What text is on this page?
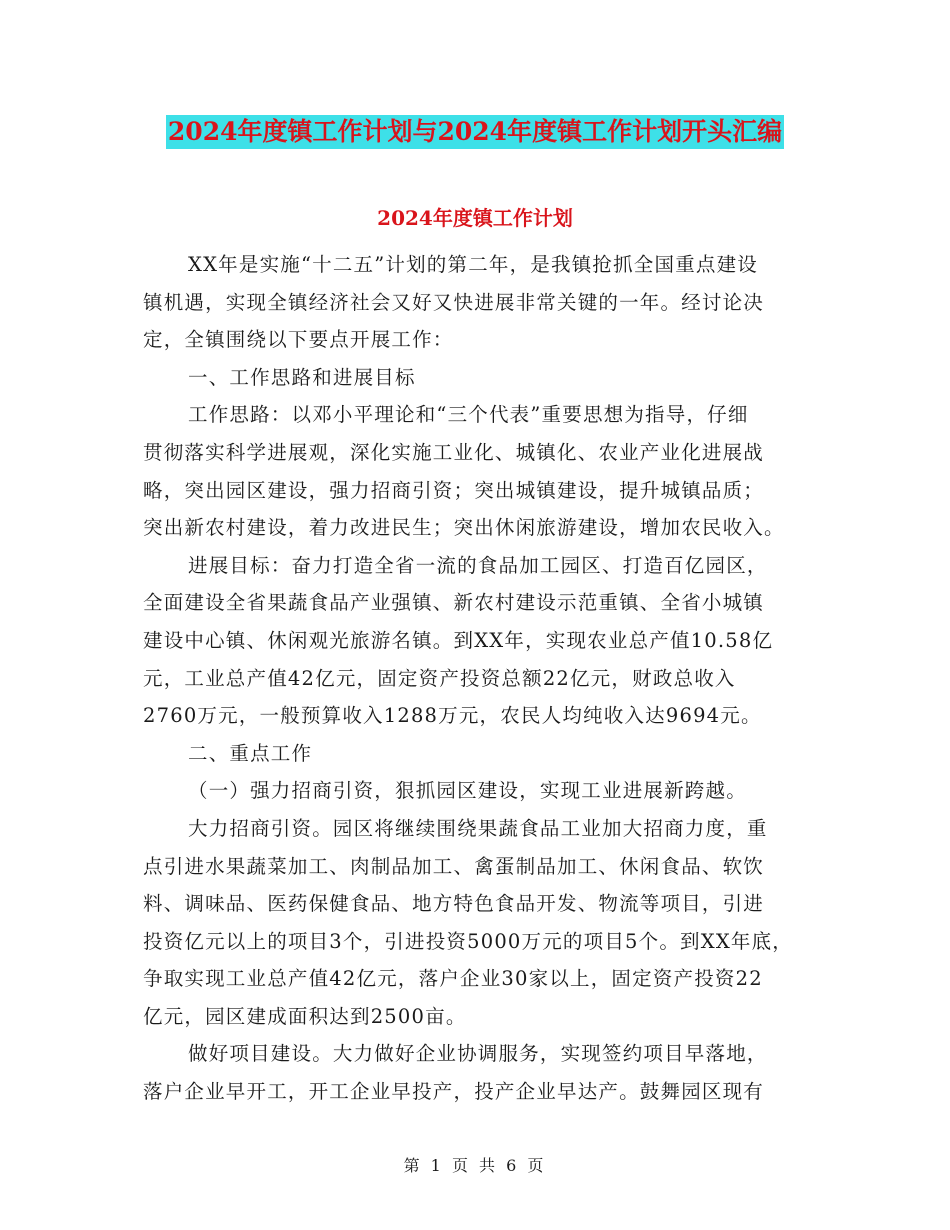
2024年度镇工作计划与2024年度镇工作计划开头汇编
2024年度镇工作计划
XX年是实施“十二五”计划的第二年，是我镇抢抓全国重点建设
镇机遇，实现全镇经济社会又好又快进展非常关键的一年。经讨论决
定，全镇围绕以下要点开展工作：
一、工作思路和进展目标
工作思路：以邓小平理论和“三个代表”重要思想为指导，仔细
贯彻落实科学进展观，深化实施工业化、城镇化、农业产业化进展战
略，突出园区建设，强力招商引资；突出城镇建设，提升城镇品质；
突出新农村建设，着力改进民生；突出休闲旅游建设，增加农民收入。
进展目标：奋力打造全省一流的食品加工园区、打造百亿园区，
全面建设全省果蔬食品产业强镇、新农村建设示范重镇、全省小城镇
建设中心镇、休闲观光旅游名镇。到XX年，实现农业总产值10.58亿
元，工业总产值42亿元，固定资产投资总额22亿元，财政总收入
2760万元，一般预算收入1288万元，农民人均纯收入达9694元。
二、重点工作
（一）强力招商引资，狠抓园区建设，实现工业进展新跨越。
大力招商引资。园区将继续围绕果蔬食品工业加大招商力度，重
点引进水果蔬菜加工、肉制品加工、禽蛋制品加工、休闲食品、软饮
料、调味品、医药保健食品、地方特色食品开发、物流等项目，引进
投资亿元以上的项目3个，引进投资5000万元的项目5个。到XX年底，
争取实现工业总产值42亿元，落户企业30家以上，固定资产投资22
亿元，园区建成面积达到2500亩。
做好项目建设。大力做好企业协调服务，实现签约项目早落地，
落户企业早开工，开工企业早投产，投产企业早达产。鼓舞园区现有
第 1 页 共 6 页
